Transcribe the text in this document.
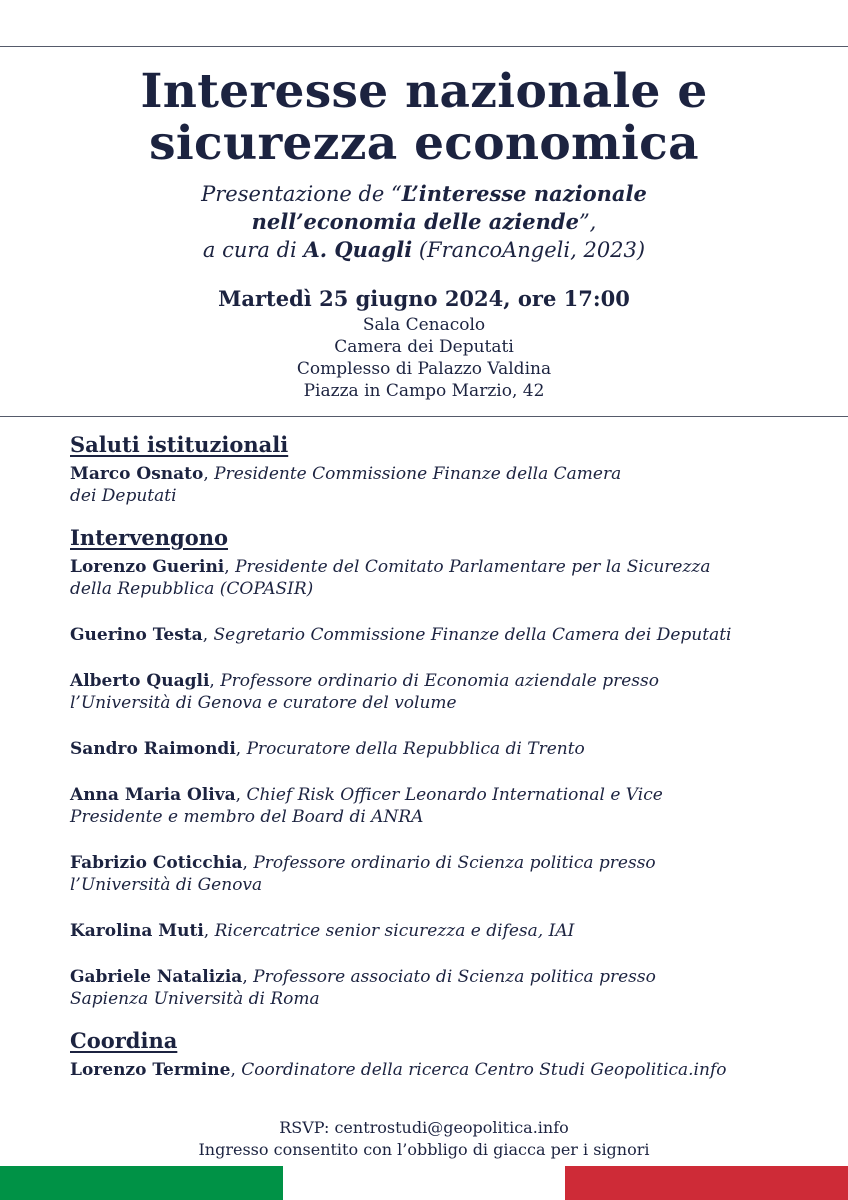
Interesse nazionale e
sicurezza economica
Presentazione de “L’interesse nazionale
nell’economia delle aziende”,
a cura di A. Quagli (FrancoAngeli, 2023)
Martedì 25 giugno 2024, ore 17:00
Sala Cenacolo
Camera dei Deputati
Complesso di Palazzo Valdina
Piazza in Campo Marzio, 42
Saluti istituzionali
Marco Osnato, Presidente Commissione Finanze della Camera
dei Deputati
Intervengono
Lorenzo Guerini, Presidente del Comitato Parlamentare per la Sicurezza
della Repubblica (COPASIR)
Guerino Testa, Segretario Commissione Finanze della Camera dei Deputati
Alberto Quagli, Professore ordinario di Economia aziendale presso
l’Università di Genova e curatore del volume
Sandro Raimondi, Procuratore della Repubblica di Trento
Anna Maria Oliva, Chief Risk Officer Leonardo International e Vice
Presidente e membro del Board di ANRA
Fabrizio Coticchia, Professore ordinario di Scienza politica presso
l’Università di Genova
Karolina Muti, Ricercatrice senior sicurezza e difesa, IAI
Gabriele Natalizia, Professore associato di Scienza politica presso
Sapienza Università di Roma
Coordina
Lorenzo Termine, Coordinatore della ricerca Centro Studi Geopolitica.info
RSVP: centrostudi@geopolitica.info
Ingresso consentito con l’obbligo di giacca per i signori
